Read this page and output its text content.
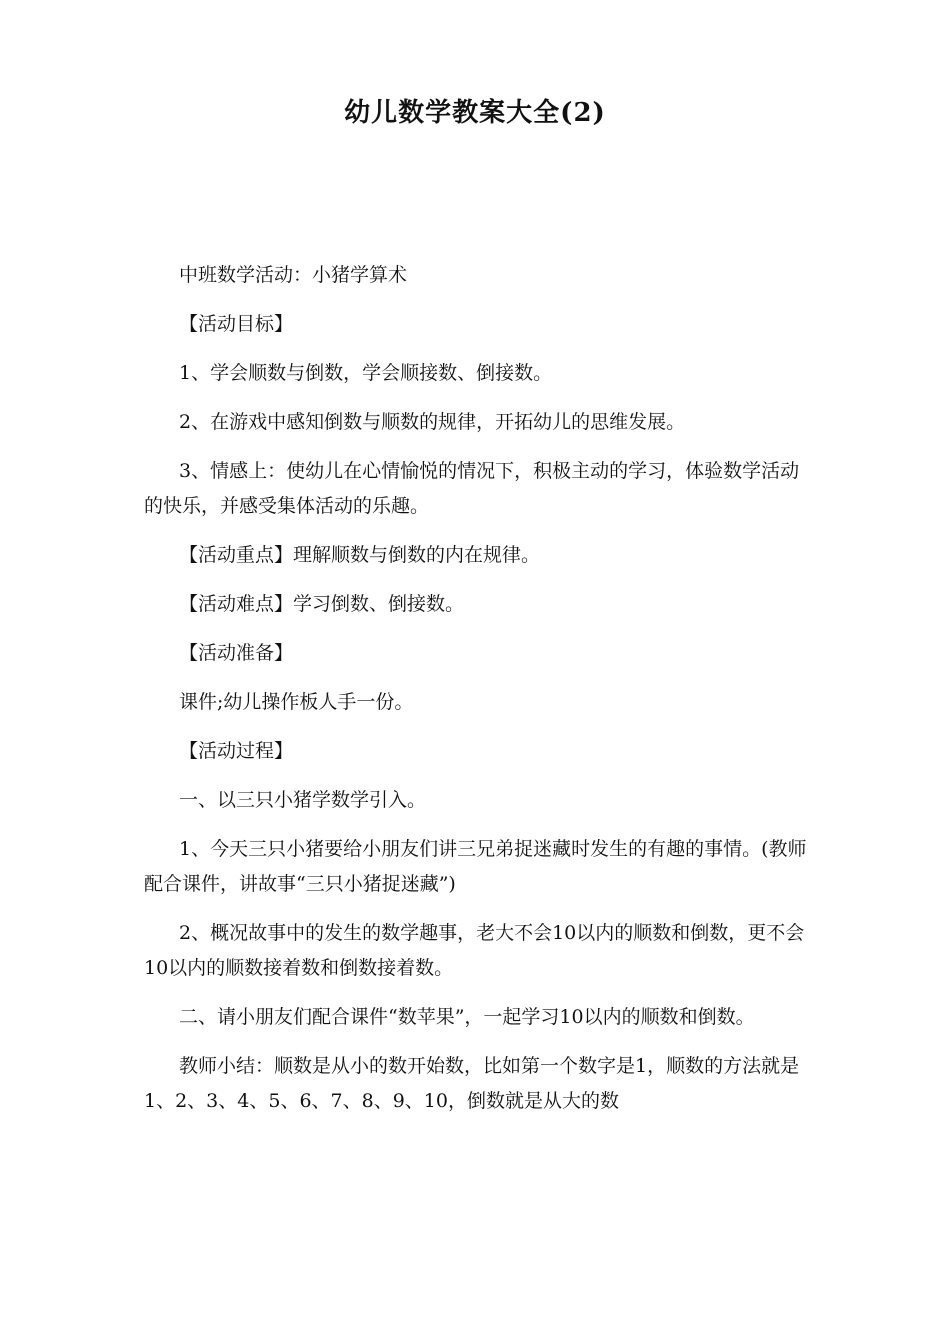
幼儿数学教案大全(2)

中班数学活动：小猪学算术

【活动目标】

1、学会顺数与倒数，学会顺接数、倒接数。

2、在游戏中感知倒数与顺数的规律，开拓幼儿的思维发展。

3、情感上：使幼儿在心情愉悦的情况下，积极主动的学习，体验数学活动的快乐，并感受集体活动的乐趣。

【活动重点】理解顺数与倒数的内在规律。

【活动难点】学习倒数、倒接数。

【活动准备】

课件;幼儿操作板人手一份。

【活动过程】

一、以三只小猪学数学引入。

1、今天三只小猪要给小朋友们讲三兄弟捉迷藏时发生的有趣的事情。(教师配合课件，讲故事“三只小猪捉迷藏”)

2、概况故事中的发生的数学趣事，老大不会10以内的顺数和倒数，更不会10以内的顺数接着数和倒数接着数。

二、请小朋友们配合课件“数苹果”，一起学习10以内的顺数和倒数。

教师小结：顺数是从小的数开始数，比如第一个数字是1，顺数的方法就是1、2、3、4、5、6、7、8、9、10，倒数就是从大的数
